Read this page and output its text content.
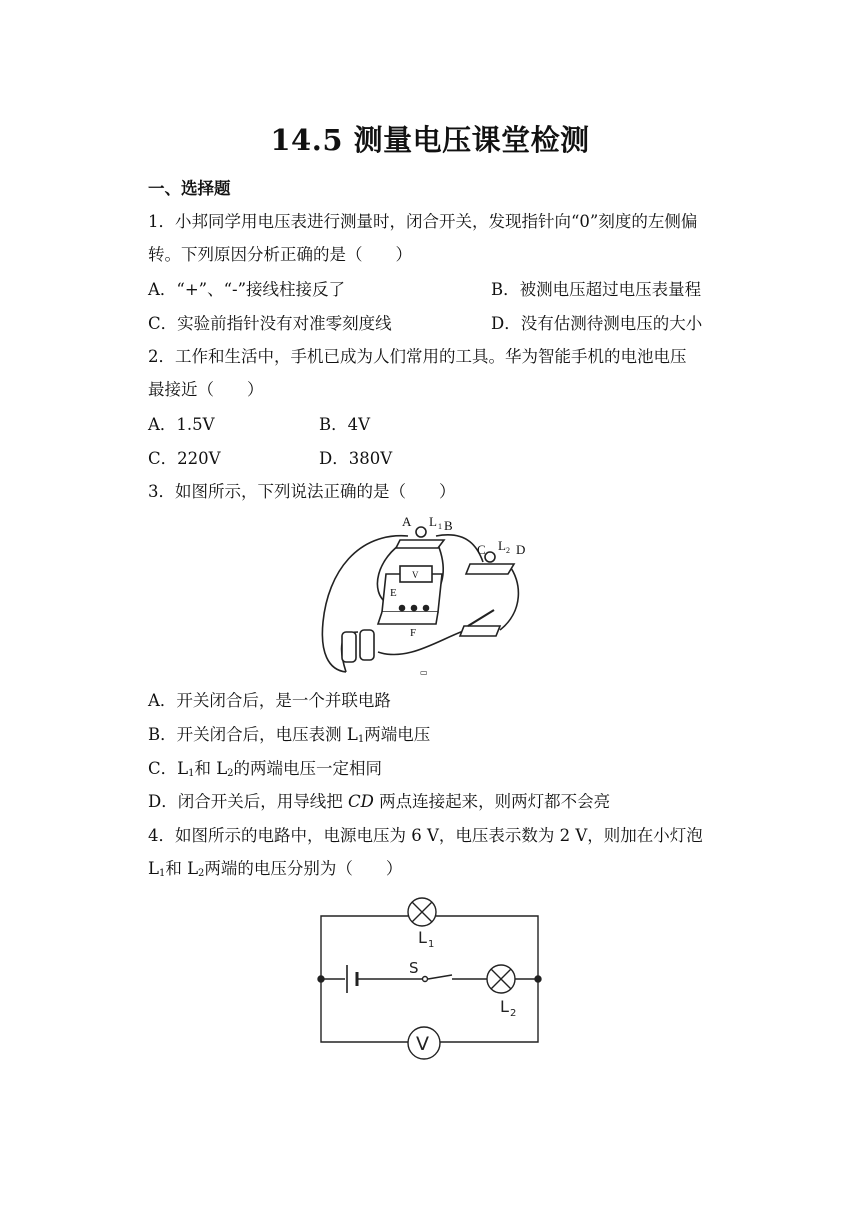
14.5 测量电压课堂检测
一、选择题
1．小邦同学用电压表进行测量时，闭合开关，发现指针向“0”刻度的左侧偏
转。下列原因分析正确的是（　　）
A．“+”、“-”接线柱接反了	B．被测电压超过电压表量程
C．实验前指针没有对准零刻度线	D．没有估测待测电压的大小
2．工作和生活中，手机已成为人们常用的工具。华为智能手机的电池电压
最接近（　　）
A．1.5V	B．4V
C．220V	D．380V
3．如图所示，下列说法正确的是（　　）
A L 1 B
C L 2 D
E
F
V
▭
A．开关闭合后，是一个并联电路
B．开关闭合后，电压表测 $L_1$两端电压
C．$L_1$和 $L_2$的两端电压一定相同
D．闭合开关后，用导线把 CD 两点连接起来，则两灯都不会亮
4．如图所示的电路中，电源电压为 6 V，电压表示数为 2 V，则加在小灯泡
$L_1$和 $L_2$两端的电压分别为（　　）
L 1
S
L 2
V
